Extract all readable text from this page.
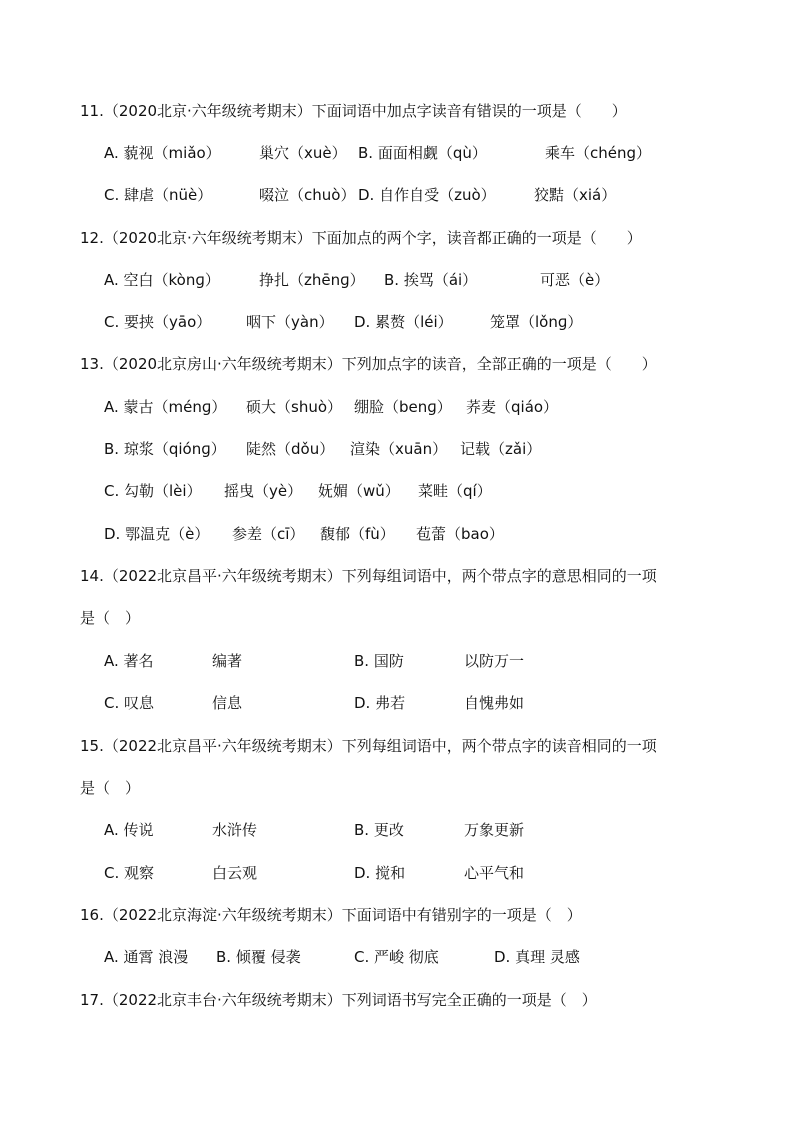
11.（2020北京·六年级统考期末）下面词语中加点字读音有错误的一项是（　　）
A. 藐视（miǎo）	巢穴（xuè） B. 面面相觑（qù）	乘车（chéng）
C. 肆虐（nüè）	啜泣（chuò） D. 自作自受（zuò）	狡黠（xiá）
12.（2020北京·六年级统考期末）下面加点的两个字，读音都正确的一项是（　　）
A. 空白（kònɡ）	挣扎（zhēnɡ） B. 挨骂（ái）	可恶（è）
C. 要挟（yāo） 咽下（yàn） D. 累赘（léi） 笼罩（lǒnɡ）
13.（2020北京房山·六年级统考期末）下列加点字的读音，全部正确的一项是（　　）
A. 蒙古（ménɡ） 硕大（shuò） 绷脸（benɡ） 荞麦（qiáo）
B. 琼浆（qiónɡ） 陡然（dǒu） 渲染（xuān） 记载（zǎi）
C. 勾勒（lèi） 摇曳（yè） 妩媚（wǔ） 菜畦（qí）
D. 鄂温克（è） 参差（cī） 馥郁（fù） 苞蕾（bao）
14.（2022北京昌平·六年级统考期末）下列每组词语中，两个带点字的意思相同的一项
是（　）
A. 著名	编著	B. 国防	以防万一
C. 叹息	信息	D. 弗若	自愧弗如
15.（2022北京昌平·六年级统考期末）下列每组词语中，两个带点字的读音相同的一项
是（　）
A. 传说	水浒传	B. 更改	万象更新
C. 观察	白云观	D. 搅和	心平气和
16.（2022北京海淀·六年级统考期末）下面词语中有错别字的一项是（　）
A. 通霄 浪漫 B. 倾覆 侵袭	C. 严峻 彻底	D. 真理 灵感
17.（2022北京丰台·六年级统考期末）下列词语书写完全正确的一项是（　）
